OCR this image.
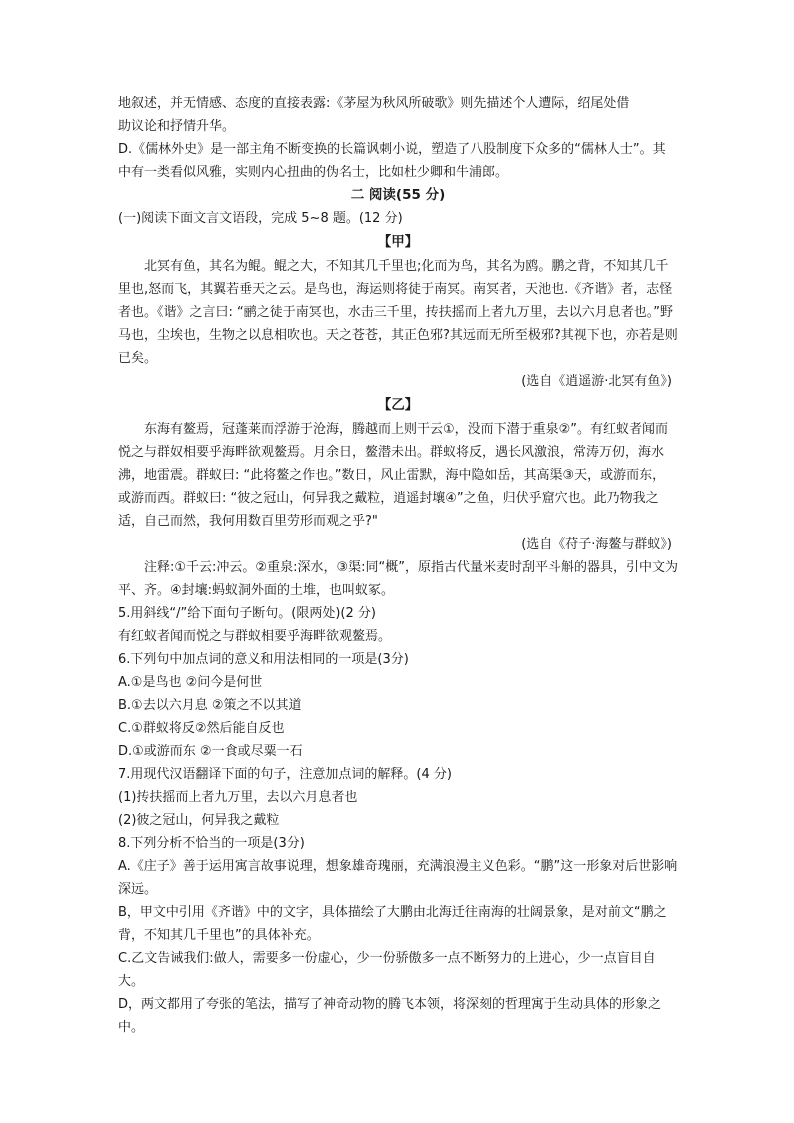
地叙述，并无情感、态度的直接表露:《茅屋为秋风所破歌》则先描述个人遭际，绍尾处借

助议论和抒情升华。

D.《儒林外史》是一部主角不断变换的长篇讽刺小说，塑造了八股制度下众多的“儒林人士”。其中有一类看似风雅，实则内心扭曲的伪名士，比如杜少卿和牛浦郎。

二 阅读(55 分)

(一)阅读下面文言文语段，完成 5~8 题。(12 分)

【甲】

北冥有鱼，其名为鲲。鲲之大，不知其几千里也;化而为鸟，其名为鸥。鹏之背，不知其几千里也,怒而飞，其翼若垂天之云。是鸟也，海运则将徒于南冥。南冥者，天池也.《齐谐》者，志怪者也。《谐》之言曰: “鹂之徒于南冥也，水击三千里，抟扶摇而上者九万里，去以六月息者也。”野马也，尘埃也，生物之以息相吹也。天之苍苍，其正色邪?其远而无所至极邪?其视下也，亦若是则已矣。

(选自《逍遥游·北冥有鱼》)

【乙】

东海有鳌焉，冠蓬莱而浮游于沧海，腾越而上则干云①，没而下潜于重泉②”。有红蚁者闻而悦之与群奴相要乎海畔欲观鳌焉。月余日，鳌潜未出。群蚁将反，遇长风激浪，常涛万仞，海水沸，地雷震。群蚁曰: “此将鳌之作也。”数日，风止雷默，海中隐如岳，其高渠③天，或游而东，或游而西。群蚁曰: “彼之冠山，何异我之戴粒，逍遥封壤④”之鱼，归伏乎窟穴也。此乃物我之适，自己而然，我何用数百里劳形而观之乎?"

(选自《苻子·海鳌与群蚁》)

注释:①千云:冲云。②重泉:深水，③渠:同“概”，原指古代量米麦时刮平斗斛的器具，引中文为平、齐。④封壤:蚂蚁洞外面的土堆，也叫蚁冢。

5.用斜线“/”给下面句子断句。(限两处)(2 分)

有红蚁者闻而悦之与群蚁相要乎海畔欲观鳌焉。

6.下列句中加点词的意义和用法相同的一项是(3分)

A.①是鸟也 ②问今是何世

B.①去以六月息 ②策之不以其道

C.①群蚁将反②然后能自反也

D.①或游而东 ②一食或尽粟一石

7.用现代汉语翻译下面的句子，注意加点词的解释。(4 分)

(1)抟扶摇而上者九万里，去以六月息者也

(2)彼之冠山，何异我之戴粒

8.下列分析不恰当的一项是(3分)

A.《庄子》善于运用寓言故事说理，想象雄奇瑰丽，充满浪漫主义色彩。“鹏”这一形象对后世影响深远。

B，甲文中引用《齐谐》中的文字，具体描绘了大鹏由北海迁往南海的壮阔景象，是对前文“鹏之背，不知其几千里也”的具体补充。

C.乙文告诫我们:做人，需要多一份虚心，少一份骄傲多一点不断努力的上进心，少一点盲目自大。

D，两文都用了夸张的笔法，描写了神奇动物的腾飞本领，将深刻的哲理寓于生动具体的形象之中。
